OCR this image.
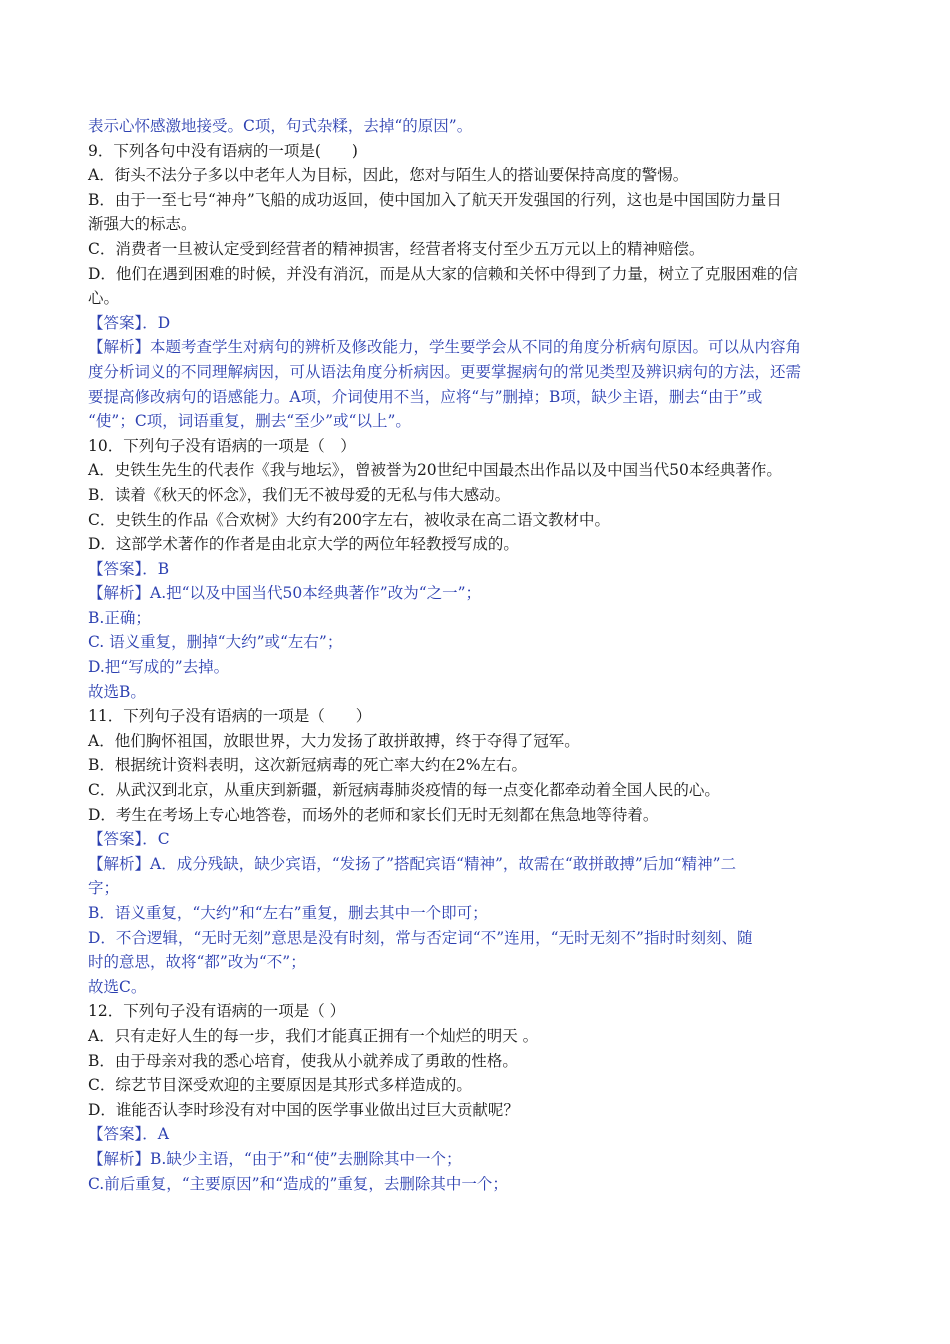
表示心怀感激地接受。C项，句式杂糅，去掉“的原因”。
9．下列各句中没有语病的一项是(　　)
A．街头不法分子多以中老年人为目标，因此，您对与陌生人的搭讪要保持高度的警惕。
B．由于一至七号“神舟”飞船的成功返回，使中国加入了航天开发强国的行列，这也是中国国防力量日
渐强大的标志。
C．消费者一旦被认定受到经营者的精神损害，经营者将支付至少五万元以上的精神赔偿。
D．他们在遇到困难的时候，并没有消沉，而是从大家的信赖和关怀中得到了力量，树立了克服困难的信
心。
【答案】．D
【解析】本题考查学生对病句的辨析及修改能力，学生要学会从不同的角度分析病句原因。可以从内容角
度分析词义的不同理解病因，可从语法角度分析病因。更要掌握病句的常见类型及辨识病句的方法，还需
要提高修改病句的语感能力。A项，介词使用不当，应将“与”删掉；B项，缺少主语，删去“由于”或
“使”；C项，词语重复，删去“至少”或“以上”。
10．下列句子没有语病的一项是（　）
A．史铁生先生的代表作《我与地坛》，曾被誉为20世纪中国最杰出作品以及中国当代50本经典著作。
B．读着《秋天的怀念》，我们无不被母爱的无私与伟大感动。
C．史铁生的作品《合欢树》大约有200字左右，被收录在高二语文教材中。
D．这部学术著作的作者是由北京大学的两位年轻教授写成的。
【答案】．B
【解析】A.把“以及中国当代50本经典著作”改为“之一”；
B.正确；
C. 语义重复，删掉“大约”或“左右”；
D.把“写成的”去掉。
故选B。
11．下列句子没有语病的一项是（　　）
A．他们胸怀祖国，放眼世界，大力发扬了敢拼敢搏，终于夺得了冠军。
B．根据统计资料表明，这次新冠病毒的死亡率大约在2%左右。
C．从武汉到北京，从重庆到新疆，新冠病毒肺炎疫情的每一点变化都牵动着全国人民的心。
D．考生在考场上专心地答卷，而场外的老师和家长们无时无刻都在焦急地等待着。
【答案】．C
【解析】A．成分残缺，缺少宾语，“发扬了”搭配宾语“精神”，故需在“敢拼敢搏”后加“精神”二
字；
B．语义重复，“大约”和“左右”重复，删去其中一个即可；
D．不合逻辑，“无时无刻”意思是没有时刻，常与否定词“不”连用，“无时无刻不”指时时刻刻、随
时的意思，故将“都”改为“不”；
故选C。
12．下列句子没有语病的一项是（ ）
A．只有走好人生的每一步，我们才能真正拥有一个灿烂的明天 。
B．由于母亲对我的悉心培育，使我从小就养成了勇敢的性格。
C．综艺节目深受欢迎的主要原因是其形式多样造成的。
D．谁能否认李时珍没有对中国的医学事业做出过巨大贡献呢？
【答案】．A
【解析】B.缺少主语，“由于”和“使”去删除其中一个；
C.前后重复，“主要原因”和“造成的”重复，去删除其中一个；
